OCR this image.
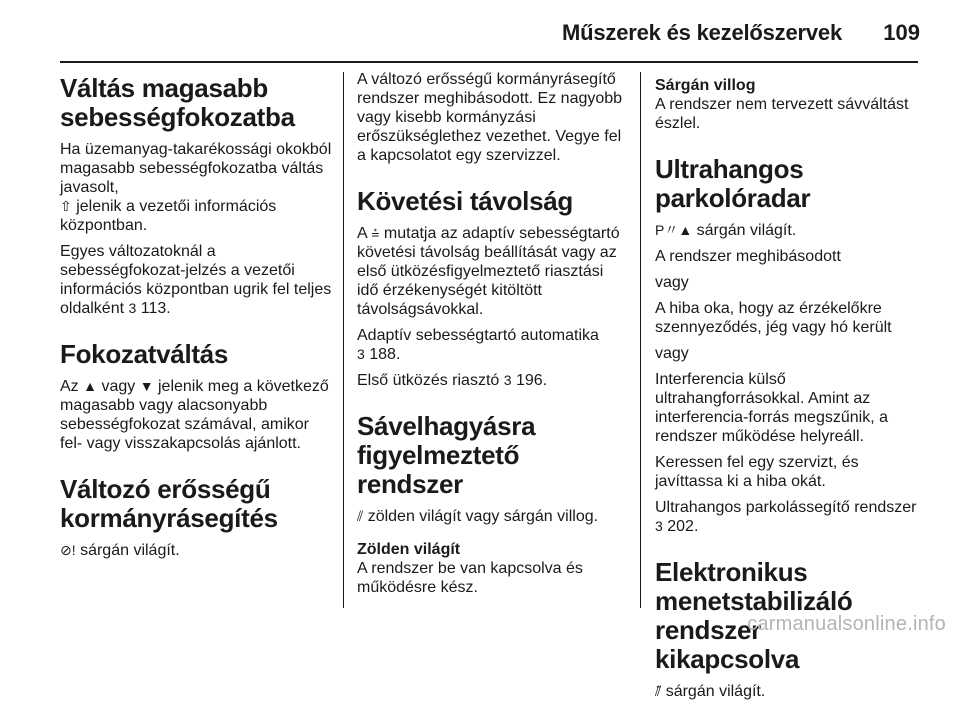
Műszerek és kezelőszervek 109
Váltás magasabb
sebességfokozatba

Ha üzemanyag-takarékossági okokból magasabb sebességfokozatba váltás javasolt,
⇧ jelenik a vezetői információs központban.

Egyes változatoknál a sebességfokozat-jelzés a vezetői információs központban ugrik fel teljes oldalként 3 113.

Fokozatváltás

Az ▲ vagy ▼ jelenik meg a következő magasabb vagy alacsonyabb sebességfokozat számával, amikor fel- vagy visszakapcsolás ajánlott.

Változó erősségű
kormányrásegítés

⊘! sárgán világít.

A változó erősségű kormányrásegítő rendszer meghibásodott. Ez nagyobb vagy kisebb kormányzási erőszükséglethez vezethet. Vegye fel a kapcsolatot egy szervizzel.

Követési távolság

A ⩮ mutatja az adaptív sebességtartó követési távolság beállítását vagy az első ütközésfigyelmeztető riasztási idő érzékenységét kitöltött távolságsávokkal.

Adaptív sebességtartó automatika
3 188.

Első ütközés riasztó 3 196.

Sávelhagyásra
figyelmeztető rendszer

⫽ zölden világít vagy sárgán villog.

Zölden világít

A rendszer be van kapcsolva és működésre kész.

Sárgán villog

A rendszer nem tervezett sávváltást észlel.

Ultrahangos parkolóradar

P〃▲ sárgán világít.

A rendszer meghibásodott

vagy

A hiba oka, hogy az érzékelőkre szennyeződés, jég vagy hó került

vagy

Interferencia külső ultrahangforrásokkal. Amint az interferencia-forrás megszűnik, a rendszer működése helyreáll.

Keressen fel egy szervizt, és javíttassa ki a hiba okát.

Ultrahangos parkolássegítő rendszer
3 202.

Elektronikus
menetstabilizáló rendszer
kikapcsolva

⫽̃ sárgán világít.

carmanualsonline.info
